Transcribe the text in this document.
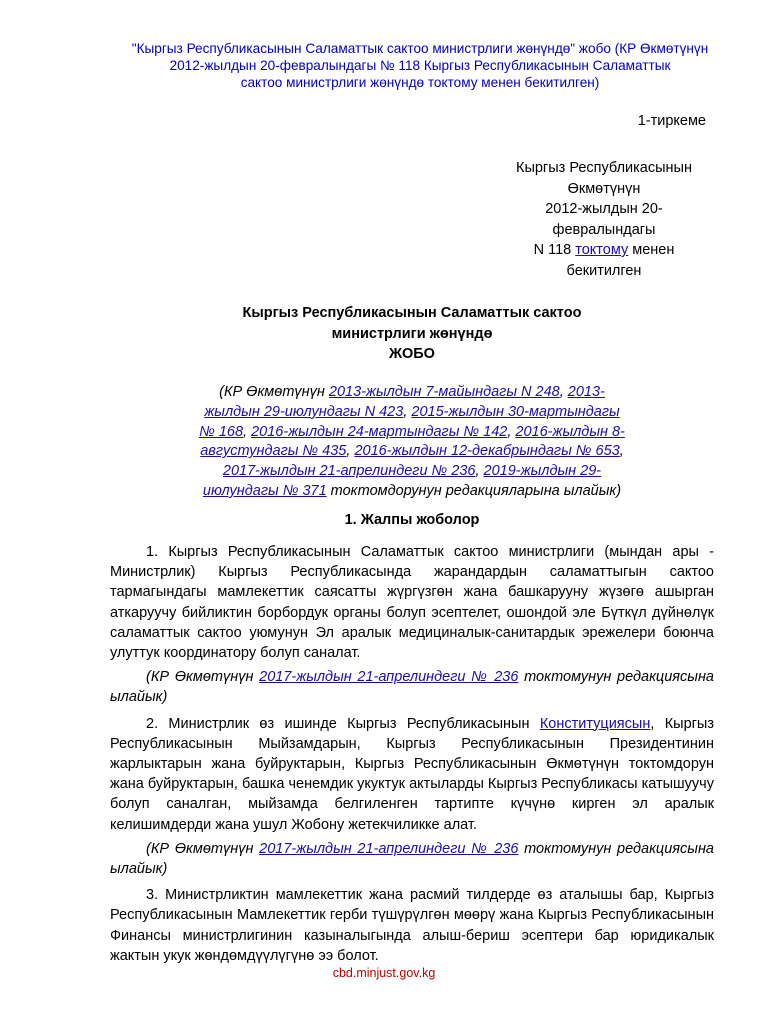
"Кыргыз Республикасынын Саламаттык сактоо министрлиги жөнүндө" жобо (КР Өкмөтүнүн
2012-жылдын 20-февралындагы № 118 Кыргыз Республикасынын Саламаттык
сактоо министрлиги жөнүндө токтому менен бекитилген)
1-тиркеме
Кыргыз Республикасынын
Өкмөтүнүн
2012-жылдын 20-
февралындагы
N 118 токтому менен
бекитилген
Кыргыз Республикасынын Саламаттык сактоо
министрлиги жөнүндө
ЖОБО
(КР Өкмөтүнүн 2013-жылдын 7-майындагы N 248, 2013-
жылдын 29-июлундагы N 423, 2015-жылдын 30-мартындагы
№ 168, 2016-жылдын 24-мартындагы № 142, 2016-жылдын 8-
августундагы № 435, 2016-жылдын 12-декабрындагы № 653,
2017-жылдын 21-апрелиндеги № 236, 2019-жылдын 29-
июлундагы № 371 токтомдорунун редакцияларына ылайык)
1. Жалпы жоболор

1. Кыргыз Республикасынын Саламаттык сактоо министрлиги (мындан ары - Министрлик) Кыргыз Республикасында жарандардын саламаттыгын сактоо тармагындагы мамлекеттик саясатты жүргүзгөн жана башкарууну жүзөгө ашырган аткаруучу бийликтин борбордук органы болуп эсептелет, ошондой эле Бүткүл дүйнөлүк саламаттык сактоо уюмунун Эл аралык медициналык-санитардык эрежелери боюнча улуттук координатору болуп саналат.

(КР Өкмөтүнүн 2017-жылдын 21-апрелиндеги № 236 токтомунун редакциясына ылайык)

2. Министрлик өз ишинде Кыргыз Республикасынын Конституциясын, Кыргыз Республикасынын Мыйзамдарын, Кыргыз Республикасынын Президентинин жарлыктарын жана буйруктарын, Кыргыз Республикасынын Өкмөтүнүн токтомдорун жана буйруктарын, башка ченемдик укуктук актыларды Кыргыз Республикасы катышуучу болуп саналган, мыйзамда белгиленген тартипте күчүнө кирген эл аралык келишимдерди жана ушул Жобону жетекчиликке алат.

(КР Өкмөтүнүн 2017-жылдын 21-апрелиндеги № 236 токтомунун редакциясына ылайык)

3. Министрликтин мамлекеттик жана расмий тилдерде өз аталышы бар, Кыргыз Республикасынын Мамлекеттик герби түшүрүлгөн мөөрү жана Кыргыз Республикасынын Финансы министрлигинин казыналыгында алыш-бериш эсептери бар юридикалык жактын укук жөндөмдүүлүгүнө ээ болот.

cbd.minjust.gov.kg
